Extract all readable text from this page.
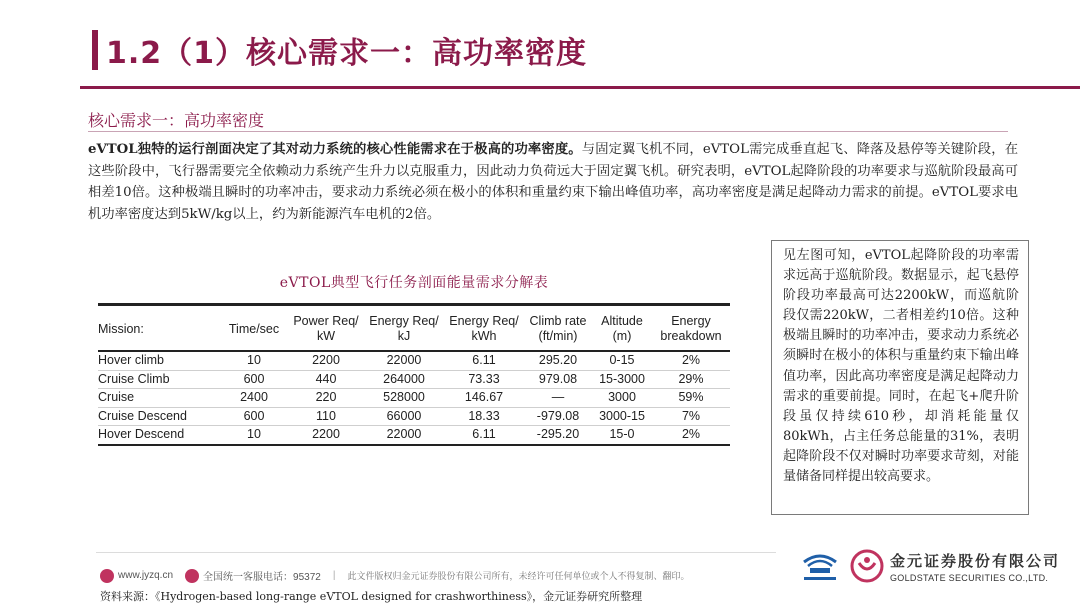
1.2（1）核心需求一：高功率密度
核心需求一：高功率密度
eVTOL独特的运行剖面决定了其对动力系统的核心性能需求在于极高的功率密度。与固定翼飞机不同，eVTOL需完成垂直起飞、降落及悬停等关键阶段，在这些阶段中，飞行器需要完全依赖动力系统产生升力以克服重力，因此动力负荷远大于固定翼飞机。研究表明，eVTOL起降阶段的功率要求与巡航阶段最高可相差10倍。这种极端且瞬时的功率冲击，要求动力系统必须在极小的体积和重量约束下输出峰值功率，高功率密度是满足起降动力需求的前提。eVTOL要求电机功率密度达到5kW/kg以上，约为新能源汽车电机的2倍。
eVTOL典型飞行任务剖面能量需求分解表
Mission:	Time/sec	Power Req/ kW	Energy Req/ kJ	Energy Req/ kWh	Climb rate (ft/min)	Altitude (m)	Energy breakdown

Hover climb	10	2200	22000	6.11	295.20	0-15	2%
Cruise Climb	600	440	264000	73.33	979.08	15-3000	29%
Cruise	2400	220	528000	146.67	—	3000	59%
Cruise Descend	600	110	66000	18.33	-979.08	3000-15	7%
Hover Descend	10	2200	22000	6.11	-295.20	15-0	2%
见左图可知，eVTOL起降阶段的功率需求远高于巡航阶段。数据显示，起飞悬停阶段功率最高可达2200kW，而巡航阶段仅需220kW，二者相差约10倍。这种极端且瞬时的功率冲击，要求动力系统必须瞬时在极小的体积与重量约束下输出峰值功率，因此高功率密度是满足起降动力需求的重要前提。同时，在起飞+爬升阶段虽仅持续610秒，却消耗能量仅80kWh，占主任务总能量的31%，表明起降阶段不仅对瞬时功率要求苛刻，对能量储备同样提出较高要求。
www.jyzq.cn	全国统一客服电话：95372 | 此文件版权归金元证券股份有限公司所有，未经许可任何单位或个人不得复制、翻印。
资料来源：《Hydrogen-based long-range eVTOL designed for crashworthiness》，金元证券研究所整理
金元证券股份有限公司
GOLDSTATE SECURITIES CO.,LTD.
